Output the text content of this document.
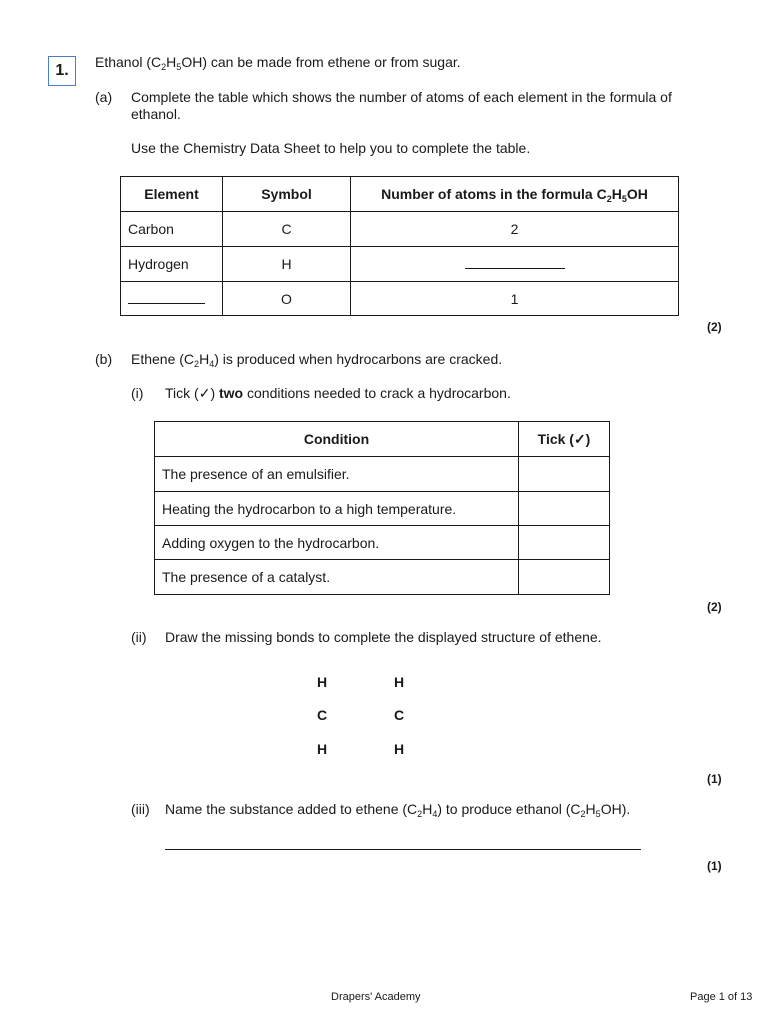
1.	Ethanol $(C_2H_5OH)$ can be made from ethene or from sugar.
(a) Complete the table which shows the number of atoms of each element in the formula of
ethanol.
Use the Chemistry Data Sheet to help you to complete the table.
Element	Symbol	Number of atoms in the formula $C_2H_5OH$
Carbon	C	2
Hydrogen	H	
	O	1
(2)
(b) Ethene $(C_2H_4)$ is produced when hydrocarbons are cracked.
(i) Tick (✓) two conditions needed to crack a hydrocarbon.
Condition	Tick (✓)
The presence of an emulsifier.	
Heating the hydrocarbon to a high temperature.	
Adding oxygen to the hydrocarbon.	
The presence of a catalyst.	
(2)
(ii) Draw the missing bonds to complete the displayed structure of ethene.
H
C
H
H
C
H
(1)
(iii) Name the substance added to ethene $(C_2H_4)$ to produce ethanol $(C_2H_5OH)$.
(1)
Drapers' Academy	Page 1 of 13
